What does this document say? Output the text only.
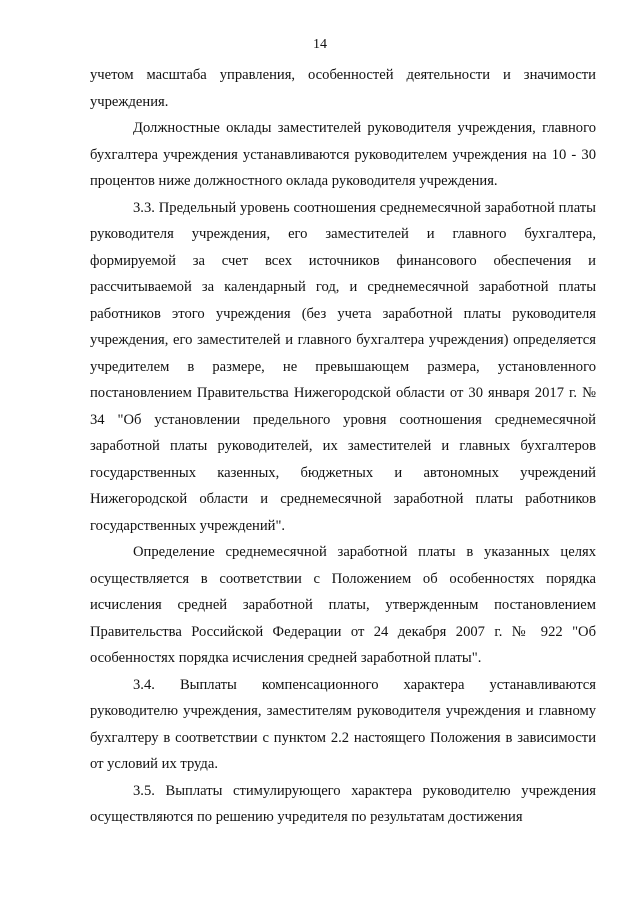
14

учетом масштаба управления, особенностей деятельности и значимости учреждения.

Должностные оклады заместителей руководителя учреждения, главного бухгалтера учреждения устанавливаются руководителем учреждения на 10 - 30 процентов ниже должностного оклада руководителя учреждения.

3.3. Предельный уровень соотношения среднемесячной заработной платы руководителя учреждения, его заместителей и главного бухгалтера, формируемой за счет всех источников финансового обеспечения и рассчитываемой за календарный год, и среднемесячной заработной платы работников этого учреждения (без учета заработной платы руководителя учреждения, его заместителей и главного бухгалтера учреждения) определяется учредителем в размере, не превышающем размера, установленного постановлением Правительства Нижегородской области от 30 января 2017 г. № 34 "Об установлении предельного уровня соотношения среднемесячной заработной платы руководителей, их заместителей и главных бухгалтеров государственных казенных, бюджетных и автономных учреждений Нижегородской области и среднемесячной заработной платы работников государственных учреждений".

Определение среднемесячной заработной платы в указанных целях осуществляется в соответствии с Положением об особенностях порядка исчисления средней заработной платы, утвержденным постановлением Правительства Российской Федерации от 24 декабря 2007 г. № 922 "Об особенностях порядка исчисления средней заработной платы".

3.4. Выплаты компенсационного характера устанавливаются руководителю учреждения, заместителям руководителя учреждения и главному бухгалтеру в соответствии с пунктом 2.2 настоящего Положения в зависимости от условий их труда.

3.5. Выплаты стимулирующего характера руководителю учреждения осуществляются по решению учредителя по результатам достижения
